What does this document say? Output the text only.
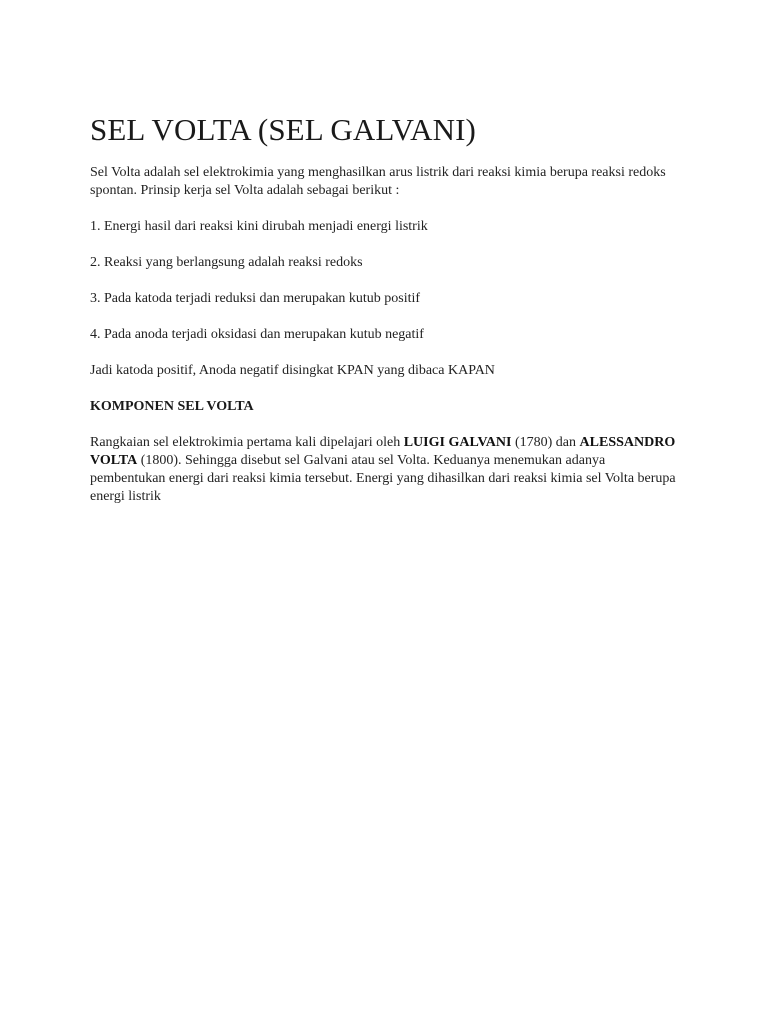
SEL VOLTA (SEL GALVANI)

Sel Volta adalah sel elektrokimia yang menghasilkan arus listrik dari reaksi kimia berupa reaksi redoks spontan. Prinsip kerja sel Volta adalah sebagai berikut :

1. Energi hasil dari reaksi kini dirubah menjadi energi listrik

2. Reaksi yang berlangsung adalah reaksi redoks

3. Pada katoda terjadi reduksi dan merupakan kutub positif

4. Pada anoda terjadi oksidasi dan merupakan kutub negatif

Jadi katoda positif, Anoda negatif disingkat KPAN yang dibaca KAPAN

KOMPONEN SEL VOLTA

Rangkaian sel elektrokimia pertama kali dipelajari oleh LUIGI GALVANI (1780) dan ALESSANDRO VOLTA (1800). Sehingga disebut sel Galvani atau sel Volta. Keduanya menemukan adanya pembentukan energi dari reaksi kimia tersebut. Energi yang dihasilkan dari reaksi kimia sel Volta berupa energi listrik
